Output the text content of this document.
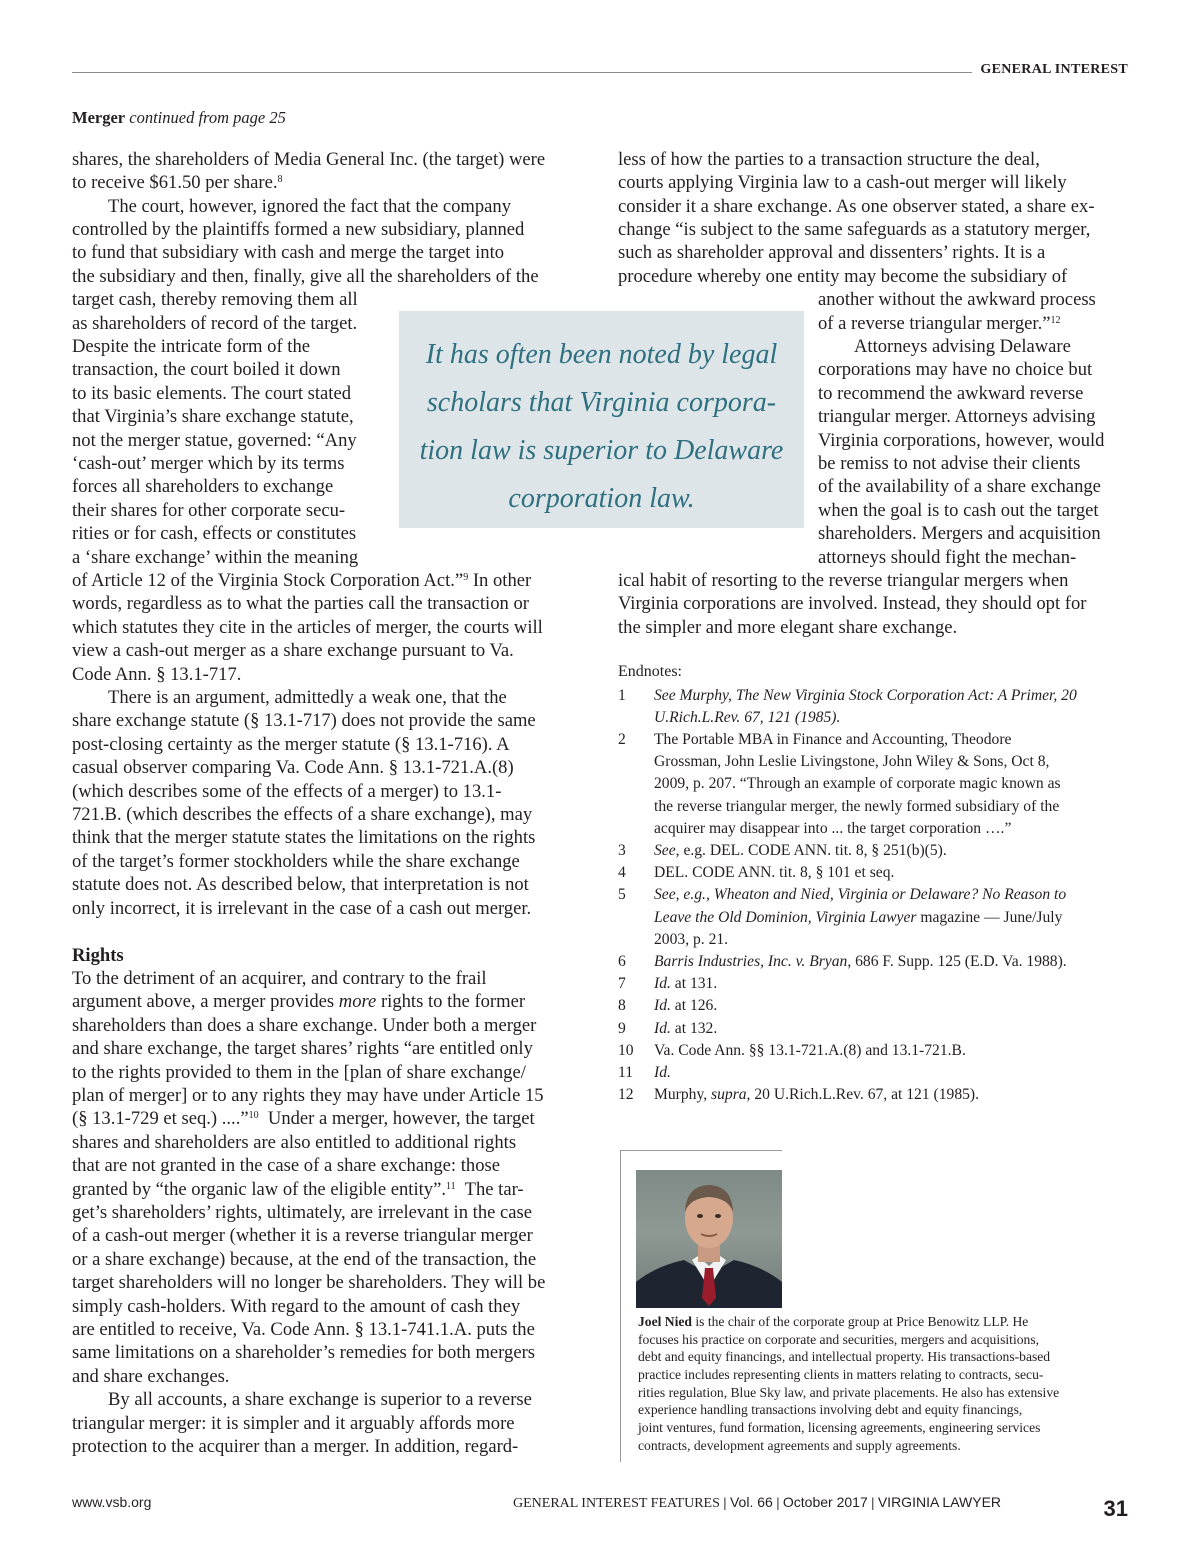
GENERAL INTEREST
Merger continued from page 25
shares, the shareholders of Media General Inc. (the target) were
to receive $61.50 per share.$^8$
The court, however, ignored the fact that the company
controlled by the plaintiffs formed a new subsidiary, planned
to fund that subsidiary with cash and merge the target into
the subsidiary and then, finally, give all the shareholders of the
target cash, thereby removing them all
as shareholders of record of the target.
Despite the intricate form of the
transaction, the court boiled it down
to its basic elements. The court stated
that Virginia’s share exchange statute,
not the merger statue, governed: “Any
‘cash-out’ merger which by its terms
forces all shareholders to exchange
their shares for other corporate secu-
rities or for cash, effects or constitutes
a ‘share exchange’ within the meaning
of Article 12 of the Virginia Stock Corporation Act.”$^9$ In other
words, regardless as to what the parties call the transaction or
which statutes they cite in the articles of merger, the courts will
view a cash-out merger as a share exchange pursuant to Va.
Code Ann. § 13.1-717.
There is an argument, admittedly a weak one, that the
share exchange statute (§ 13.1-717) does not provide the same
post-closing certainty as the merger statute (§ 13.1-716). A
casual observer comparing Va. Code Ann. § 13.1-721.A.(8)
(which describes some of the effects of a merger) to 13.1-
721.B. (which describes the effects of a share exchange), may
think that the merger statute states the limitations on the rights
of the target’s former stockholders while the share exchange
statute does not. As described below, that interpretation is not
only incorrect, it is irrelevant in the case of a cash out merger.
Rights
To the detriment of an acquirer, and contrary to the frail
argument above, a merger provides more rights to the former
shareholders than does a share exchange. Under both a merger
and share exchange, the target shares’ rights “are entitled only
to the rights provided to them in the [plan of share exchange/
plan of merger] or to any rights they may have under Article 15
(§ 13.1-729 et seq.) ....”$^{10}$ Under a merger, however, the target
shares and shareholders are also entitled to additional rights
that are not granted in the case of a share exchange: those
granted by “the organic law of the eligible entity”.$^{11}$ The tar-
get’s shareholders’ rights, ultimately, are irrelevant in the case
of a cash-out merger (whether it is a reverse triangular merger
or a share exchange) because, at the end of the transaction, the
target shareholders will no longer be shareholders. They will be
simply cash-holders. With regard to the amount of cash they
are entitled to receive, Va. Code Ann. § 13.1-741.1.A. puts the
same limitations on a shareholder’s remedies for both mergers
and share exchanges.
By all accounts, a share exchange is superior to a reverse
triangular merger: it is simpler and it arguably affords more
protection to the acquirer than a merger. In addition, regard-
It has often been noted by legal
scholars that Virginia corpora-
tion law is superior to Delaware
corporation law.
less of how the parties to a transaction structure the deal,
courts applying Virginia law to a cash-out merger will likely
consider it a share exchange. As one observer stated, a share ex-
change “is subject to the same safeguards as a statutory merger,
such as shareholder approval and dissenters’ rights. It is a
procedure whereby one entity may become the subsidiary of
another without the awkward process
of a reverse triangular merger.”$^{12}$
Attorneys advising Delaware
corporations may have no choice but
to recommend the awkward reverse
triangular merger. Attorneys advising
Virginia corporations, however, would
be remiss to not advise their clients
of the availability of a share exchange
when the goal is to cash out the target
shareholders. Mergers and acquisition
attorneys should fight the mechan-
ical habit of resorting to the reverse triangular mergers when
Virginia corporations are involved. Instead, they should opt for
the simpler and more elegant share exchange.
Endnotes:
1 See Murphy, The New Virginia Stock Corporation Act: A Primer, 20
U.Rich.L.Rev. 67, 121 (1985).
2 The Portable MBA in Finance and Accounting, Theodore
Grossman, John Leslie Livingstone, John Wiley & Sons, Oct 8,
2009, p. 207. “Through an example of corporate magic known as
the reverse triangular merger, the newly formed subsidiary of the
acquirer may disappear into ... the target corporation ….”
3 See, e.g. DEL. CODE ANN. tit. 8, § 251(b)(5).
4 DEL. CODE ANN. tit. 8, § 101 et seq.
5 See, e.g., Wheaton and Nied, Virginia or Delaware? No Reason to
Leave the Old Dominion, Virginia Lawyer magazine — June/July
2003, p. 21.
6 Barris Industries, Inc. v. Bryan, 686 F. Supp. 125 (E.D. Va. 1988).
7 Id. at 131.
8 Id. at 126.
9 Id. at 132.
10 Va. Code Ann. §§ 13.1-721.A.(8) and 13.1-721.B.
11 Id.
12 Murphy, supra, 20 U.Rich.L.Rev. 67, at 121 (1985).
Joel Nied is the chair of the corporate group at Price Benowitz LLP. He
focuses his practice on corporate and securities, mergers and acquisitions,
debt and equity financings, and intellectual property. His transactions-based
practice includes representing clients in matters relating to contracts, secu-
rities regulation, Blue Sky law, and private placements. He also has extensive
experience handling transactions involving debt and equity financings,
joint ventures, fund formation, licensing agreements, engineering services
contracts, development agreements and supply agreements.
www.vsb.org	GENERAL INTEREST FEATURES | Vol. 66 | October 2017 | VIRGINIA LAWYER	31
